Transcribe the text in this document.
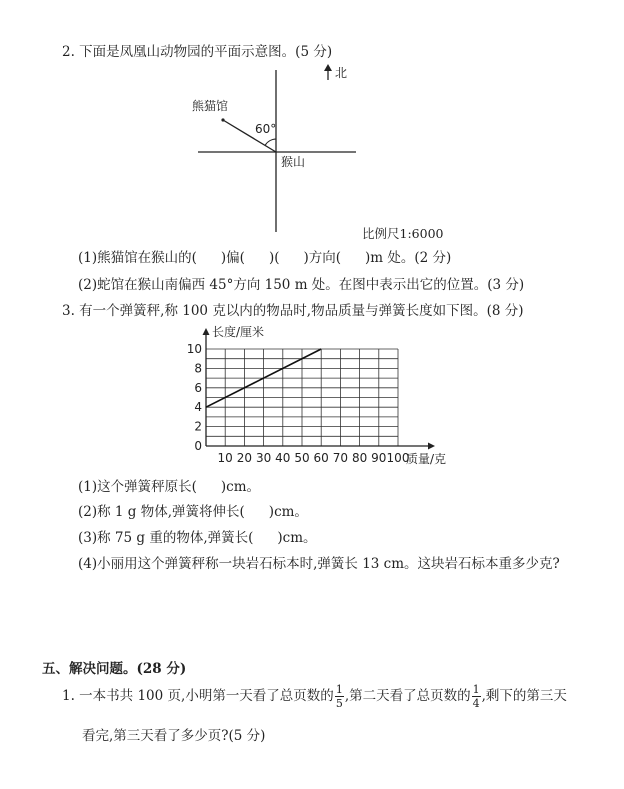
2. 下面是凤凰山动物园的平面示意图。(5 分)
北
熊猫馆
60°
猴山
比例尺1:6000
(1)熊猫馆在猴山的( )偏( )( )方向( )m 处。(2 分)
(2)蛇馆在猴山南偏西 45°方向 150 m 处。在图中表示出它的位置。(3 分)
3. 有一个弹簧秤,称 100 克以内的物品时,物品质量与弹簧长度如下图。(8 分)
0
2
4
6
8
10
10 20 30 40 50 60 70 80 90 100
长度/厘米
质量/克
(1)这个弹簧秤原长( )cm。
(2)称 1 g 物体,弹簧将伸长( )cm。
(3)称 75 g 重的物体,弹簧长( )cm。
(4)小丽用这个弹簧秤称一块岩石标本时,弹簧长 13 cm。这块岩石标本重多少克?
五、解决问题。(28 分)
1. 一本书共 100 页,小明第一天看了总页数的 $\frac{1}{5}$ ,第二天看了总页数的 $\frac{1}{4}$ ,剩下的第三天
看完,第三天看了多少页?(5 分)
